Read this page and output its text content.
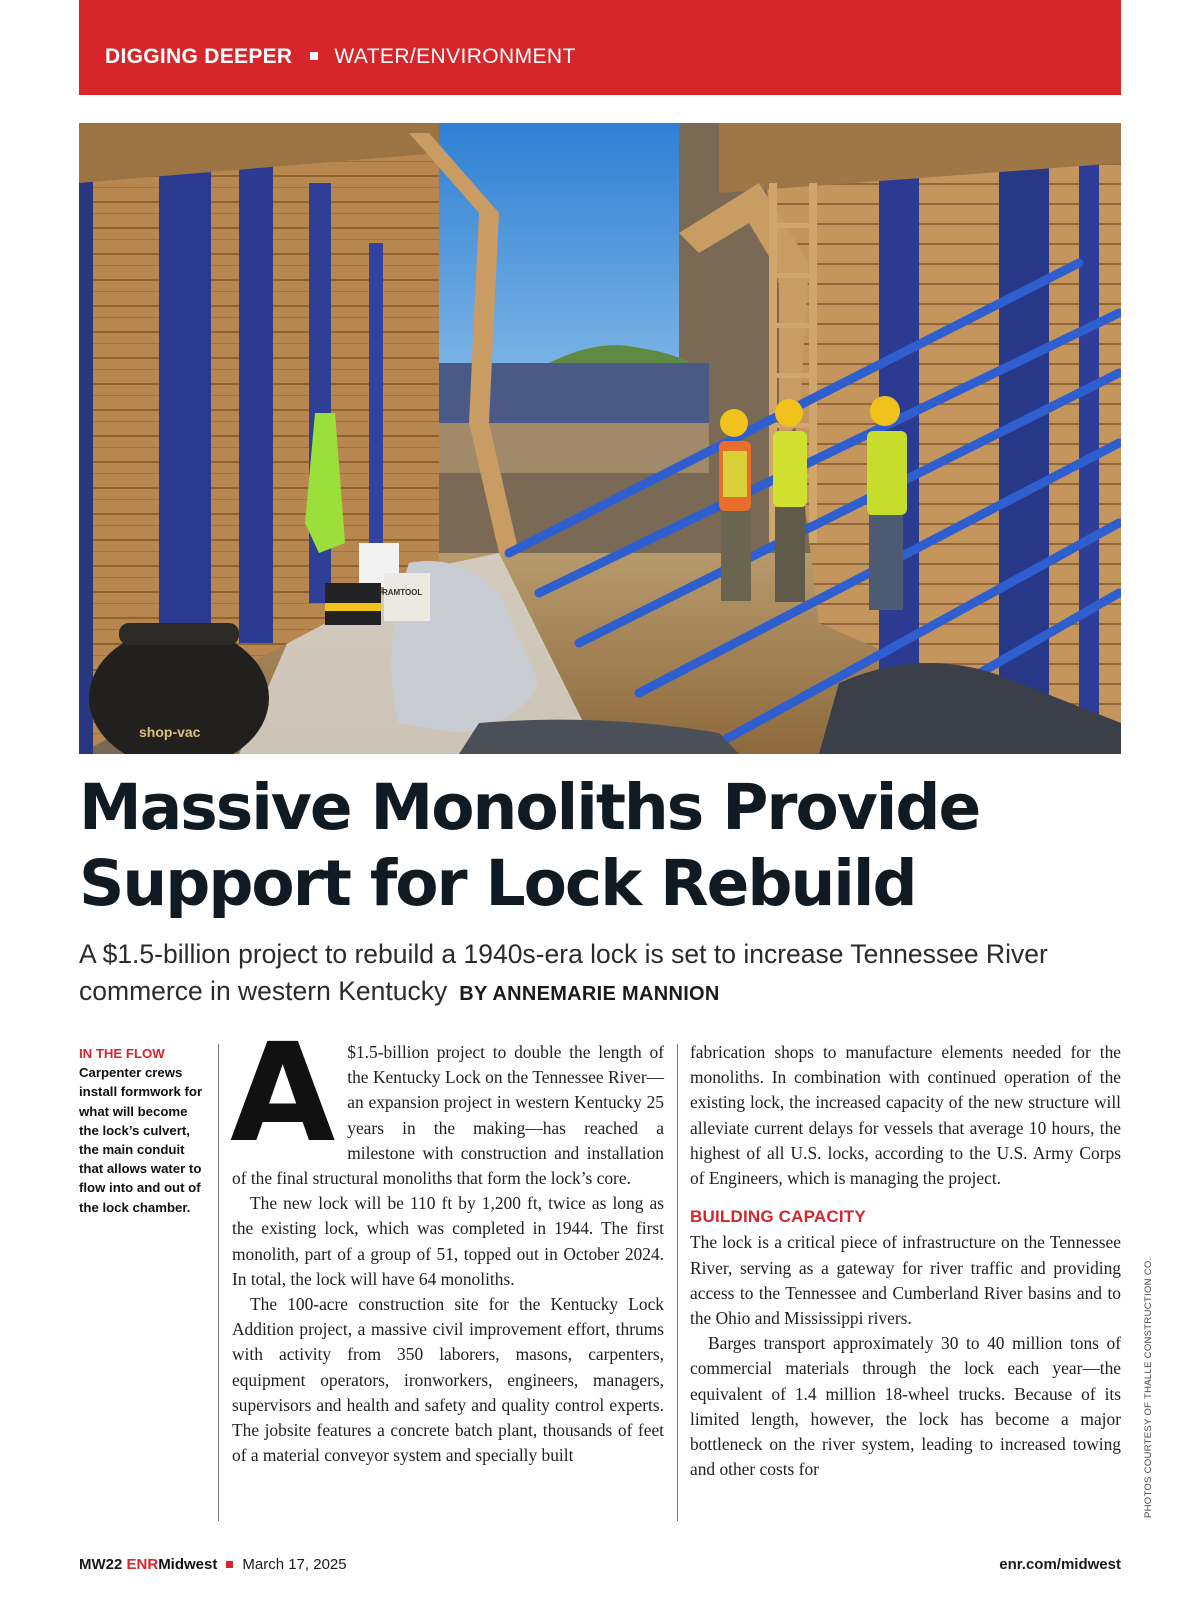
DIGGING DEEPER WATER/ENVIRONMENT
shop-vac
RAMTOOL
Massive Monoliths Provide
Support for Lock Rebuild
A $1.5-billion project to rebuild a 1940s-era lock is set to increase Tennessee River commerce in western Kentucky BY ANNEMARIE MANNION
IN THE FLOW
Carpenter crews install formwork for what will become the lock’s culvert, the main conduit that allows water to flow into and out of the lock chamber.
A $1.5-billion project to double the length of the Kentucky Lock on the Tennessee River—an expansion project in western Kentucky 25 years in the making—has reached a milestone with construction and installation of the final structural monoliths that form the lock’s core.

The new lock will be 110 ft by 1,200 ft, twice as long as the existing lock, which was completed in 1944. The first monolith, part of a group of 51, topped out in October 2024. In total, the lock will have 64 monoliths.

The 100-acre construction site for the Kentucky Lock Addition project, a massive civil improvement effort, thrums with activity from 350 laborers, masons, carpenters, equipment operators, ironworkers, engineers, managers, supervisors and health and safety and quality control experts. The jobsite features a concrete batch plant, thousands of feet of a material conveyor system and specially built

fabrication shops to manufacture elements needed for the monoliths. In combination with continued operation of the existing lock, the increased capacity of the new structure will alleviate current delays for vessels that average 10 hours, the highest of all U.S. locks, according to the U.S. Army Corps of Engineers, which is managing the project.

BUILDING CAPACITY

The lock is a critical piece of infrastructure on the Tennessee River, serving as a gateway for river traffic and providing access to the Tennessee and Cumberland River basins and to the Ohio and Mississippi rivers.

Barges transport approximately 30 to 40 million tons of commercial materials through the lock each year—the equivalent of 1.4 million 18-wheel trucks. Because of its limited length, however, the lock has become a major bottleneck on the river system, leading to increased towing and other costs for	PHOTOS COURTESY OF THALLE CONSTRUCTION CO.
MW22 ENRMidwest March 17, 2025	enr.com/midwest
